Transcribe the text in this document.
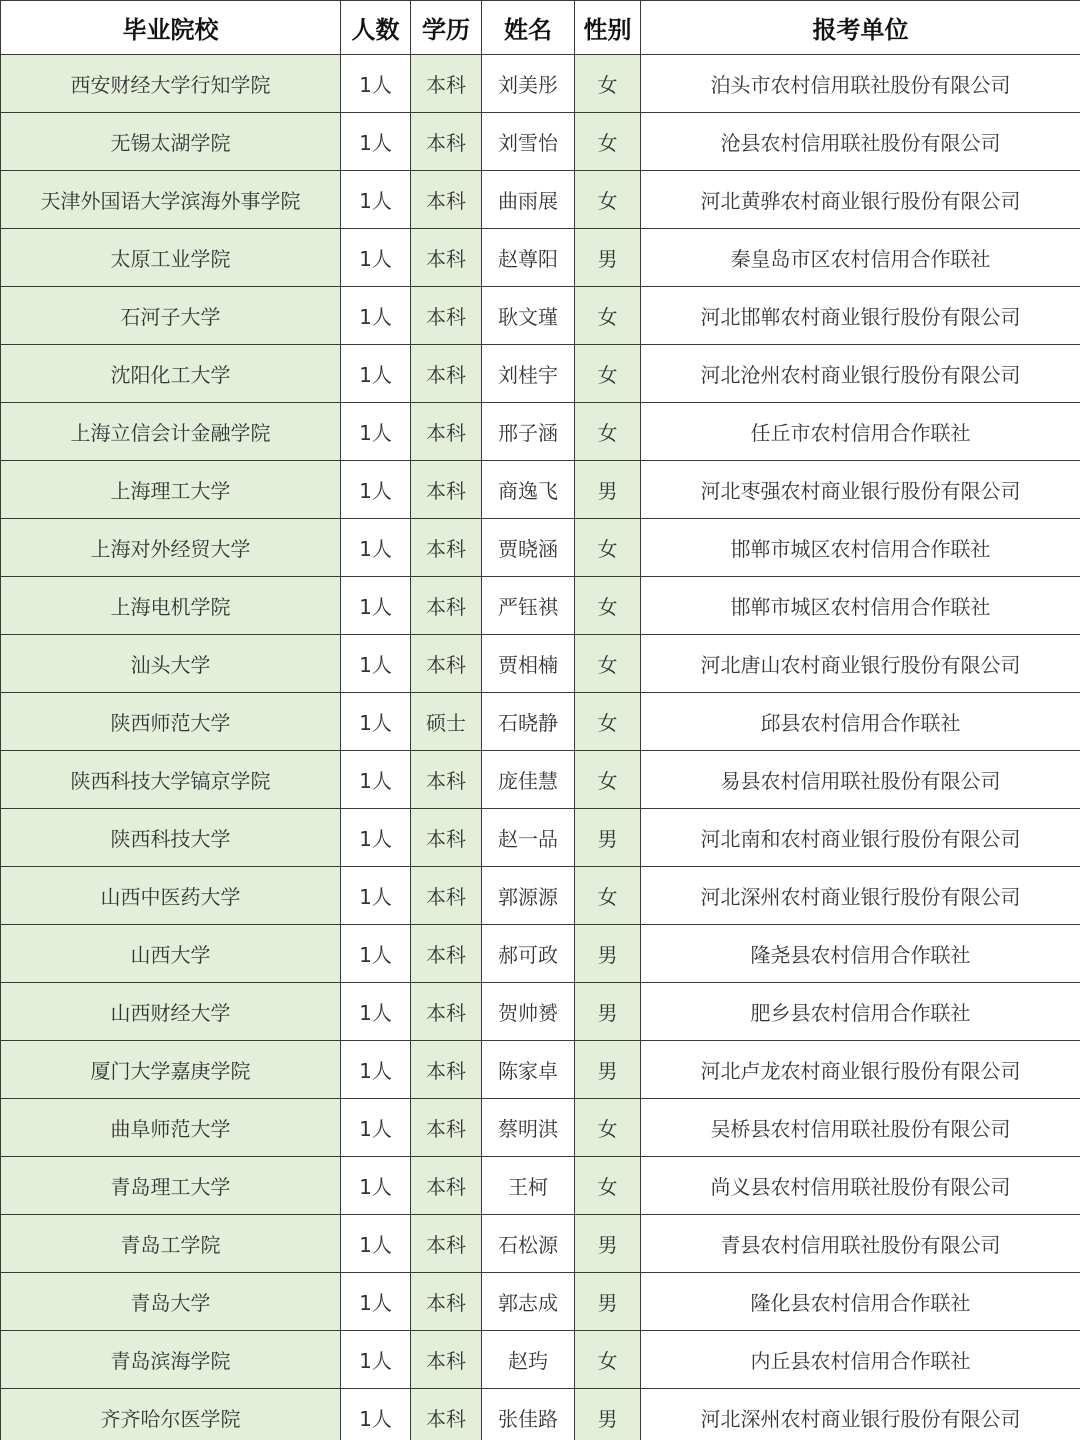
毕业院校	人数	学历	姓名	性别	报考单位
西安财经大学行知学院	1人	本科	刘美彤	女	泊头市农村信用联社股份有限公司
无锡太湖学院	1人	本科	刘雪怡	女	沧县农村信用联社股份有限公司
天津外国语大学滨海外事学院	1人	本科	曲雨展	女	河北黄骅农村商业银行股份有限公司
太原工业学院	1人	本科	赵尊阳	男	秦皇岛市区农村信用合作联社
石河子大学	1人	本科	耿文瑾	女	河北邯郸农村商业银行股份有限公司
沈阳化工大学	1人	本科	刘桂宇	女	河北沧州农村商业银行股份有限公司
上海立信会计金融学院	1人	本科	邢子涵	女	任丘市农村信用合作联社
上海理工大学	1人	本科	商逸飞	男	河北枣强农村商业银行股份有限公司
上海对外经贸大学	1人	本科	贾晓涵	女	邯郸市城区农村信用合作联社
上海电机学院	1人	本科	严钰祺	女	邯郸市城区农村信用合作联社
汕头大学	1人	本科	贾相楠	女	河北唐山农村商业银行股份有限公司
陕西师范大学	1人	硕士	石晓静	女	邱县农村信用合作联社
陕西科技大学镐京学院	1人	本科	庞佳慧	女	易县农村信用联社股份有限公司
陕西科技大学	1人	本科	赵一品	男	河北南和农村商业银行股份有限公司
山西中医药大学	1人	本科	郭源源	女	河北深州农村商业银行股份有限公司
山西大学	1人	本科	郝可政	男	隆尧县农村信用合作联社
山西财经大学	1人	本科	贺帅赟	男	肥乡县农村信用合作联社
厦门大学嘉庚学院	1人	本科	陈家卓	男	河北卢龙农村商业银行股份有限公司
曲阜师范大学	1人	本科	蔡明淇	女	吴桥县农村信用联社股份有限公司
青岛理工大学	1人	本科	王柯	女	尚义县农村信用联社股份有限公司
青岛工学院	1人	本科	石松源	男	青县农村信用联社股份有限公司
青岛大学	1人	本科	郭志成	男	隆化县农村信用合作联社
青岛滨海学院	1人	本科	赵玙	女	内丘县农村信用合作联社
齐齐哈尔医学院	1人	本科	张佳路	男	河北深州农村商业银行股份有限公司
